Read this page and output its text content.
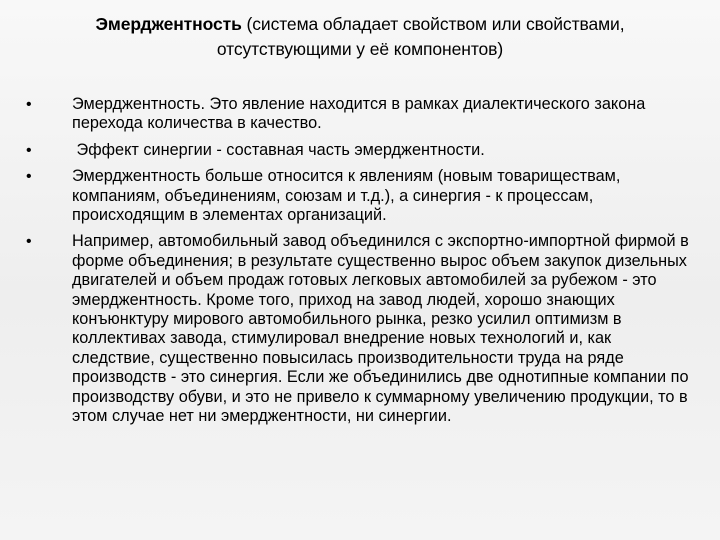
Эмерджентность (система обладает свойством или свойствами, отсутствующими у её компонентов)
•	Эмерджентность. Это явление находится в рамках диалектического закона перехода количества в качество.
•	Эффект синергии - составная часть эмерджентности.
•	Эмерджентность больше относится к явлениям (новым товариществам, компаниям, объединениям, союзам и т.д.), а синергия - к процессам, происходящим в элементах организаций.
•	Например, автомобильный завод объединился с экспортно-импортной фирмой в форме объединения; в результате существенно вырос объем закупок дизельных двигателей и объем продаж готовых легковых автомобилей за рубежом - это эмерджентность. Кроме того, приход на завод людей, хорошо знающих конъюнктуру мирового автомобильного рынка, резко усилил оптимизм в коллективах завода, стимулировал внедрение новых технологий и, как следствие, существенно повысилась производительности труда на ряде производств - это синергия. Если же объединились две однотипные компании по производству обуви, и это не привело к суммарному увеличению продукции, то в этом случае нет ни эмерджентности, ни синергии.
